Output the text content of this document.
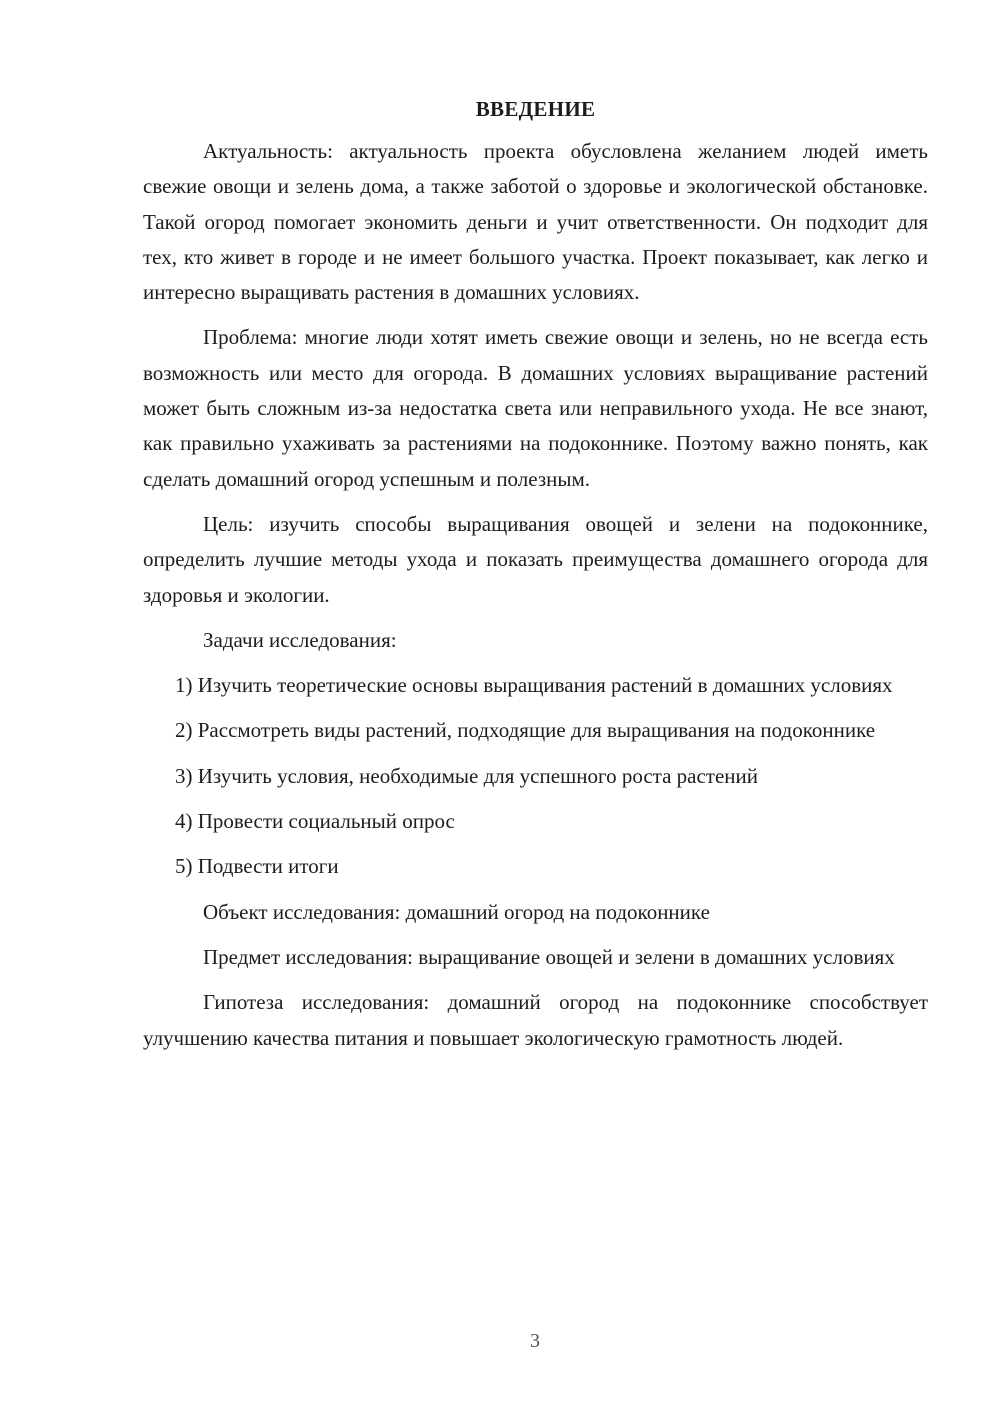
ВВЕДЕНИЕ

Актуальность: актуальность проекта обусловлена желанием людей иметь свежие овощи и зелень дома, а также заботой о здоровье и экологической обстановке. Такой огород помогает экономить деньги и учит ответственности. Он подходит для тех, кто живет в городе и не имеет большого участка. Проект показывает, как легко и интересно выращивать растения в домашних условиях.

Проблема: многие люди хотят иметь свежие овощи и зелень, но не всегда есть возможность или место для огорода. В домашних условиях выращивание растений может быть сложным из-за недостатка света или неправильного ухода. Не все знают, как правильно ухаживать за растениями на подоконнике. Поэтому важно понять, как сделать домашний огород успешным и полезным.

Цель: изучить способы выращивания овощей и зелени на подоконнике, определить лучшие методы ухода и показать преимущества домашнего огорода для здоровья и экологии.

Задачи исследования:

1) Изучить теоретические основы выращивания растений в домашних условиях

2) Рассмотреть виды растений, подходящие для выращивания на подоконнике

3) Изучить условия, необходимые для успешного роста растений

4) Провести социальный опрос

5) Подвести итоги

Объект исследования: домашний огород на подоконнике

Предмет исследования: выращивание овощей и зелени в домашних условиях

Гипотеза исследования: домашний огород на подоконнике способствует улучшению качества питания и повышает экологическую грамотность людей.

3
